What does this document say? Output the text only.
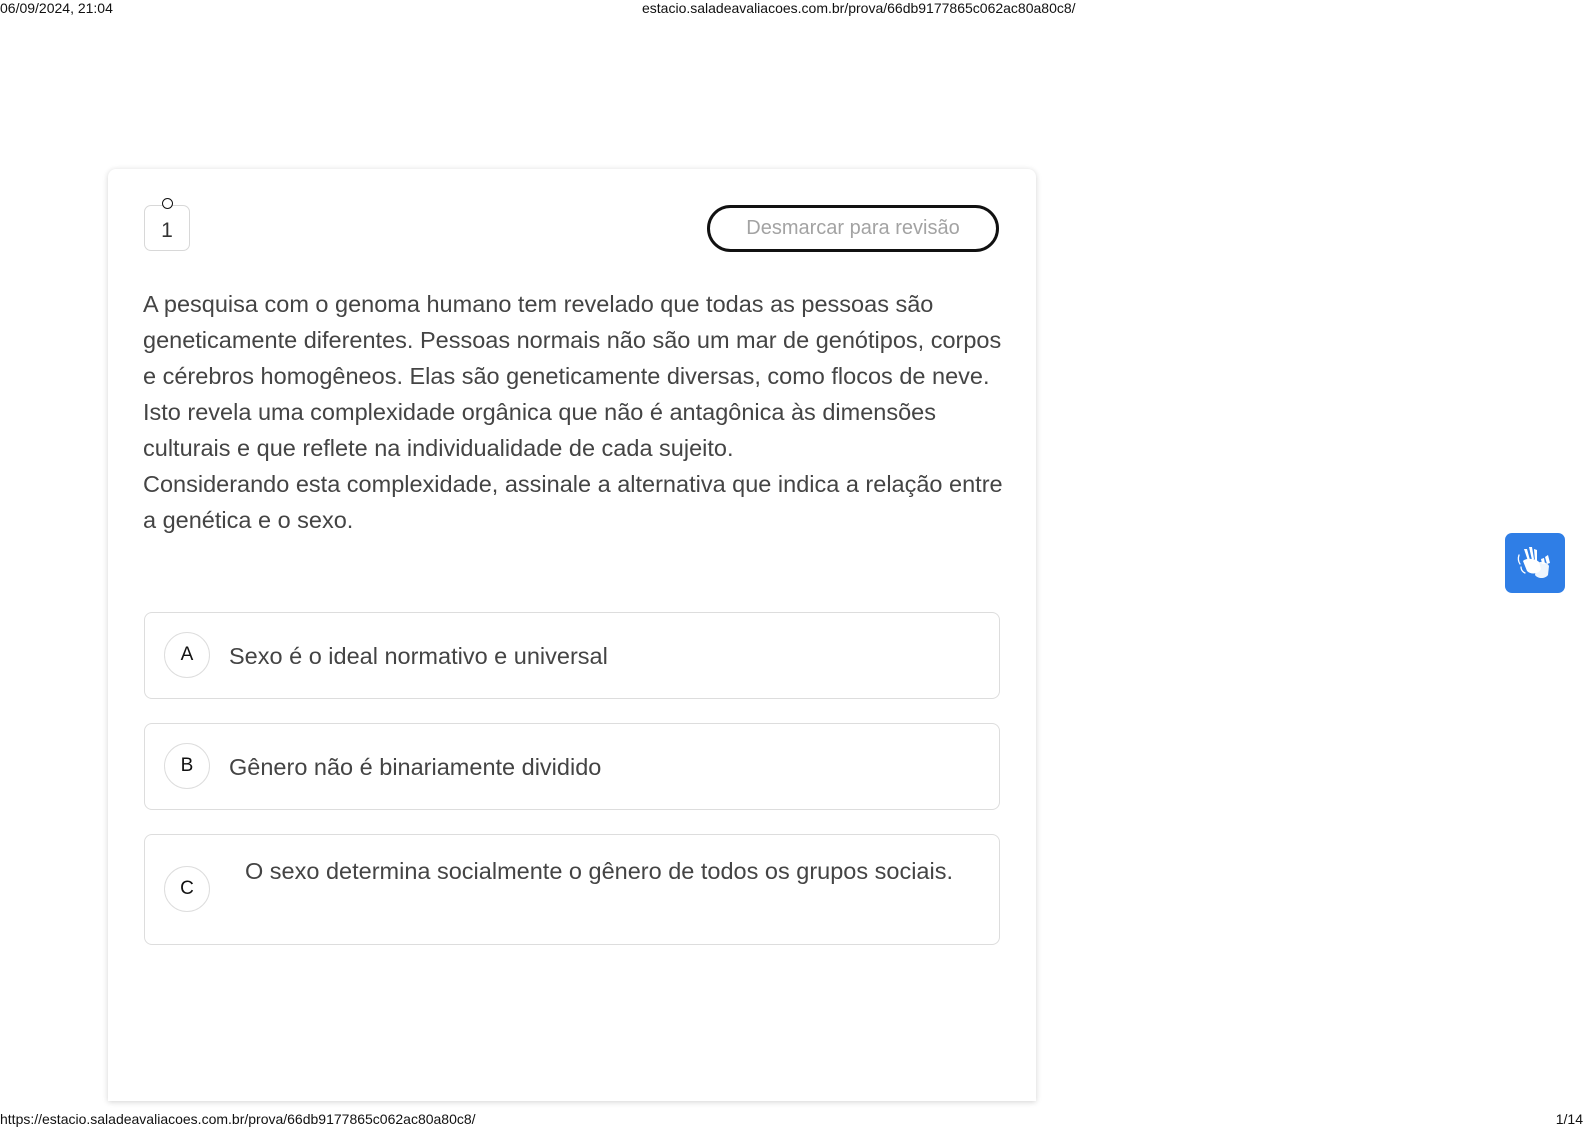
06/09/2024, 21:04	estacio.saladeavaliacoes.com.br/prova/66db9177865c062ac80a80c8/
1	Desmarcar para revisão

A pesquisa com o genoma humano tem revelado que todas as pessoas são geneticamente diferentes. Pessoas normais não são um mar de genótipos, corpos e cérebros homogêneos. Elas são geneticamente diversas, como flocos de neve. Isto revela uma complexidade orgânica que não é antagônica às dimensões culturais e que reflete na individualidade de cada sujeito.

Considerando esta complexidade, assinale a alternativa que indica a relação entre a genética e o sexo.

A	Sexo é o ideal normativo e universal
B	Gênero não é binariamente dividido
C
O sexo determina socialmente o gênero de todos os grupos sociais.
https://estacio.saladeavaliacoes.com.br/prova/66db9177865c062ac80a80c8/	1/14
